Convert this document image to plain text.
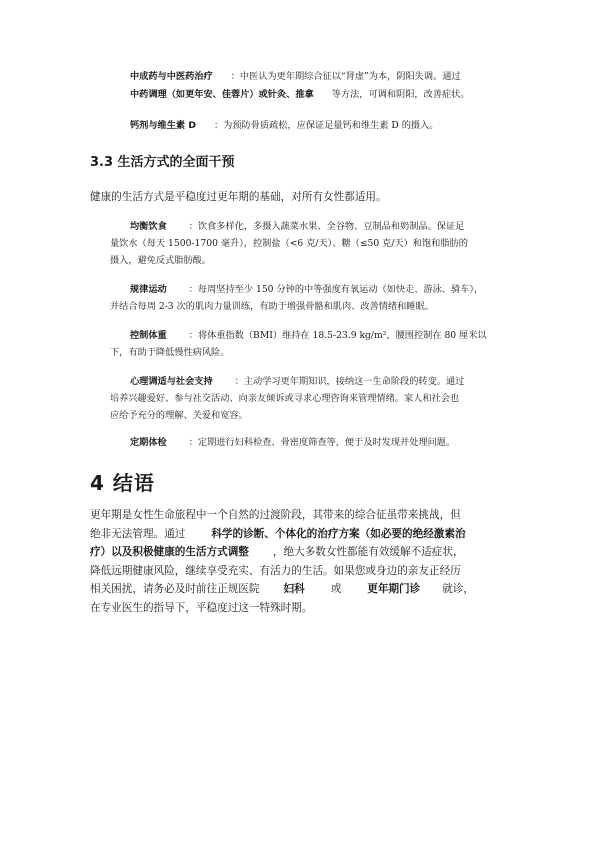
中成药与中医药治疗 ：中医认为更年期综合征以“肾虚”为本，阴阳失调。通过
中药调理（如更年安、佳蓉片）或针灸、推拿 等方法，可调和阴阳，改善症状。
钙剂与维生素 D ：为预防骨质疏松，应保证足量钙和维生素 D 的摄入。
3.3 生活方式的全面干预
健康的生活方式是平稳度过更年期的基础，对所有女性都适用。
均衡饮食 ：饮食多样化，多摄入蔬菜水果、全谷物、豆制品和奶制品。保证足
量饮水（每天 1500-1700 毫升），控制盐（<6 克/天）、糖（≤50 克/天）和饱和脂肪的
摄入，避免反式脂肪酸。
规律运动 ：每周坚持至少 150 分钟的中等强度有氧运动（如快走、游泳、骑车），
并结合每周 2-3 次的肌肉力量训练，有助于增强骨骼和肌肉、改善情绪和睡眠。
控制体重 ：将体重指数（BMI）维持在 18.5-23.9 kg/m²，腰围控制在 80 厘米以
下，有助于降低慢性病风险。
心理调适与社会支持 ：主动学习更年期知识，接纳这一生命阶段的转变。通过
培养兴趣爱好、参与社交活动、向亲友倾诉或寻求心理咨询来管理情绪。家人和社会也
应给予充分的理解、关爱和宽容。
定期体检 ：定期进行妇科检查、骨密度筛查等，便于及时发现并处理问题。
4 结语
更年期是女性生命旅程中一个自然的过渡阶段，其带来的综合征虽带来挑战，但
绝非无法管理。通过 科学的诊断、个体化的治疗方案（如必要的绝经激素治
疗）以及积极健康的生活方式调整 ，绝大多数女性都能有效缓解不适症状，
降低远期健康风险，继续享受充实、有活力的生活。如果您或身边的亲友正经历
相关困扰，请务必及时前往正规医院 妇科 或 更年期门诊 就诊，
在专业医生的指导下，平稳度过这一特殊时期。
